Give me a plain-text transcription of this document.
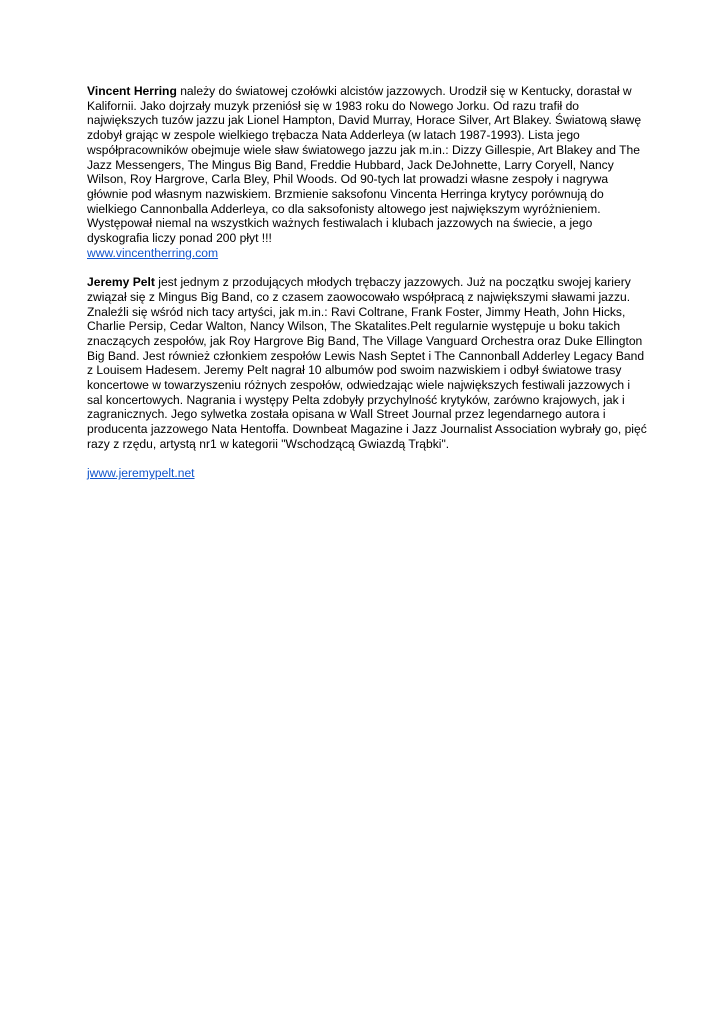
Vincent Herring należy do światowej czołówki alcistów jazzowych. Urodził się w Kentucky, dorastał w Kalifornii. Jako dojrzały muzyk przeniósł się w 1983 roku do Nowego Jorku. Od razu trafił do największych tuzów jazzu jak Lionel Hampton, David Murray, Horace Silver, Art Blakey. Światową sławę zdobył grając w zespole wielkiego trębacza Nata Adderleya (w latach 1987-1993). Lista jego współpracowników obejmuje wiele sław światowego jazzu jak m.in.: Dizzy Gillespie, Art Blakey and The Jazz Messengers, The Mingus Big Band, Freddie Hubbard, Jack DeJohnette, Larry Coryell, Nancy Wilson, Roy Hargrove, Carla Bley, Phil Woods. Od 90-tych lat prowadzi własne zespoły i nagrywa głównie pod własnym nazwiskiem. Brzmienie saksofonu Vincenta Herringa krytycy porównują do wielkiego Cannonballa Adderleya, co dla saksofonisty altowego jest największym wyróżnieniem. Występował niemal na wszystkich ważnych festiwalach i klubach jazzowych na świecie, a jego dyskografia liczy ponad 200 płyt !!!
www.vincentherring.com

Jeremy Pelt jest jednym z przodujących młodych trębaczy jazzowych. Już na początku swojej kariery związał się z Mingus Big Band, co z czasem zaowocowało współpracą z największymi sławami jazzu. Znaleźli się wśród nich tacy artyści, jak m.in.: Ravi Coltrane, Frank Foster, Jimmy Heath, John Hicks, Charlie Persip, Cedar Walton, Nancy Wilson, The Skatalites.Pelt regularnie występuje u boku takich znaczących zespołów, jak Roy Hargrove Big Band, The Village Vanguard Orchestra oraz Duke Ellington Big Band. Jest również członkiem zespołów Lewis Nash Septet i The Cannonball Adderley Legacy Band z Louisem Hadesem. Jeremy Pelt nagrał 10 albumów pod swoim nazwiskiem i odbył światowe trasy koncertowe w towarzyszeniu różnych zespołów, odwiedzając wiele największych festiwali jazzowych i sal koncertowych. Nagrania i występy Pelta zdobyły przychylność krytyków, zarówno krajowych, jak i zagranicznych. Jego sylwetka została opisana w Wall Street Journal przez legendarnego autora i producenta jazzowego Nata Hentoffa. Downbeat Magazine i Jazz Journalist Association wybrały go, pięć razy z rzędu, artystą nr1 w kategorii "Wschodzącą Gwiazdą Trąbki".

jwww.jeremypelt.net
